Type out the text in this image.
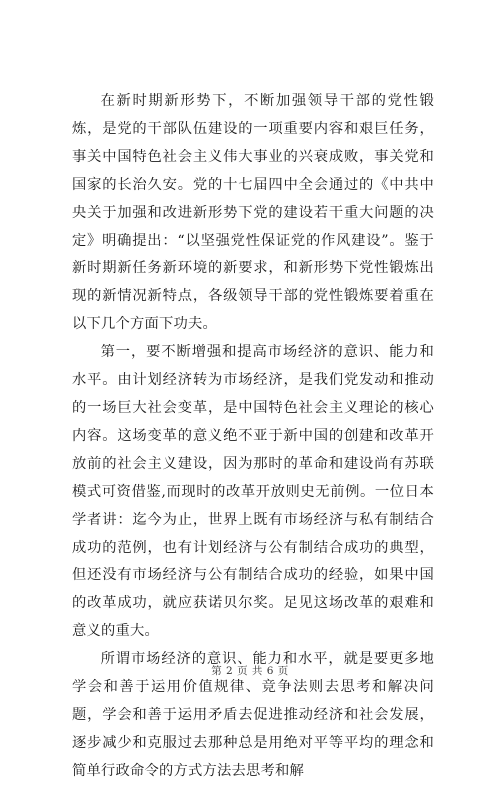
在新时期新形势下，不断加强领导干部的党性锻炼，是党的干部队伍建设的一项重要内容和艰巨任务，事关中国特色社会主义伟大事业的兴衰成败，事关党和国家的长治久安。党的十七届四中全会通过的《中共中央关于加强和改进新形势下党的建设若干重大问题的决定》明确提出：“以坚强党性保证党的作风建设”。鉴于新时期新任务新环境的新要求，和新形势下党性锻炼出现的新情况新特点，各级领导干部的党性锻炼要着重在以下几个方面下功夫。

第一，要不断增强和提高市场经济的意识、能力和水平。由计划经济转为市场经济，是我们党发动和推动的一场巨大社会变革，是中国特色社会主义理论的核心内容。这场变革的意义绝不亚于新中国的创建和改革开放前的社会主义建设，因为那时的革命和建设尚有苏联模式可资借鉴,而现时的改革开放则史无前例。一位日本学者讲：迄今为止，世界上既有市场经济与私有制结合成功的范例，也有计划经济与公有制结合成功的典型，但还没有市场经济与公有制结合成功的经验，如果中国的改革成功，就应获诺贝尔奖。足见这场改革的艰难和意义的重大。

所谓市场经济的意识、能力和水平，就是要更多地学会和善于运用价值规律、竞争法则去思考和解决问题，学会和善于运用矛盾去促进推动经济和社会发展，逐步减少和克服过去那种总是用绝对平等平均的理念和简单行政命令的方式方法去思考和解

第 2 页 共 6 页
